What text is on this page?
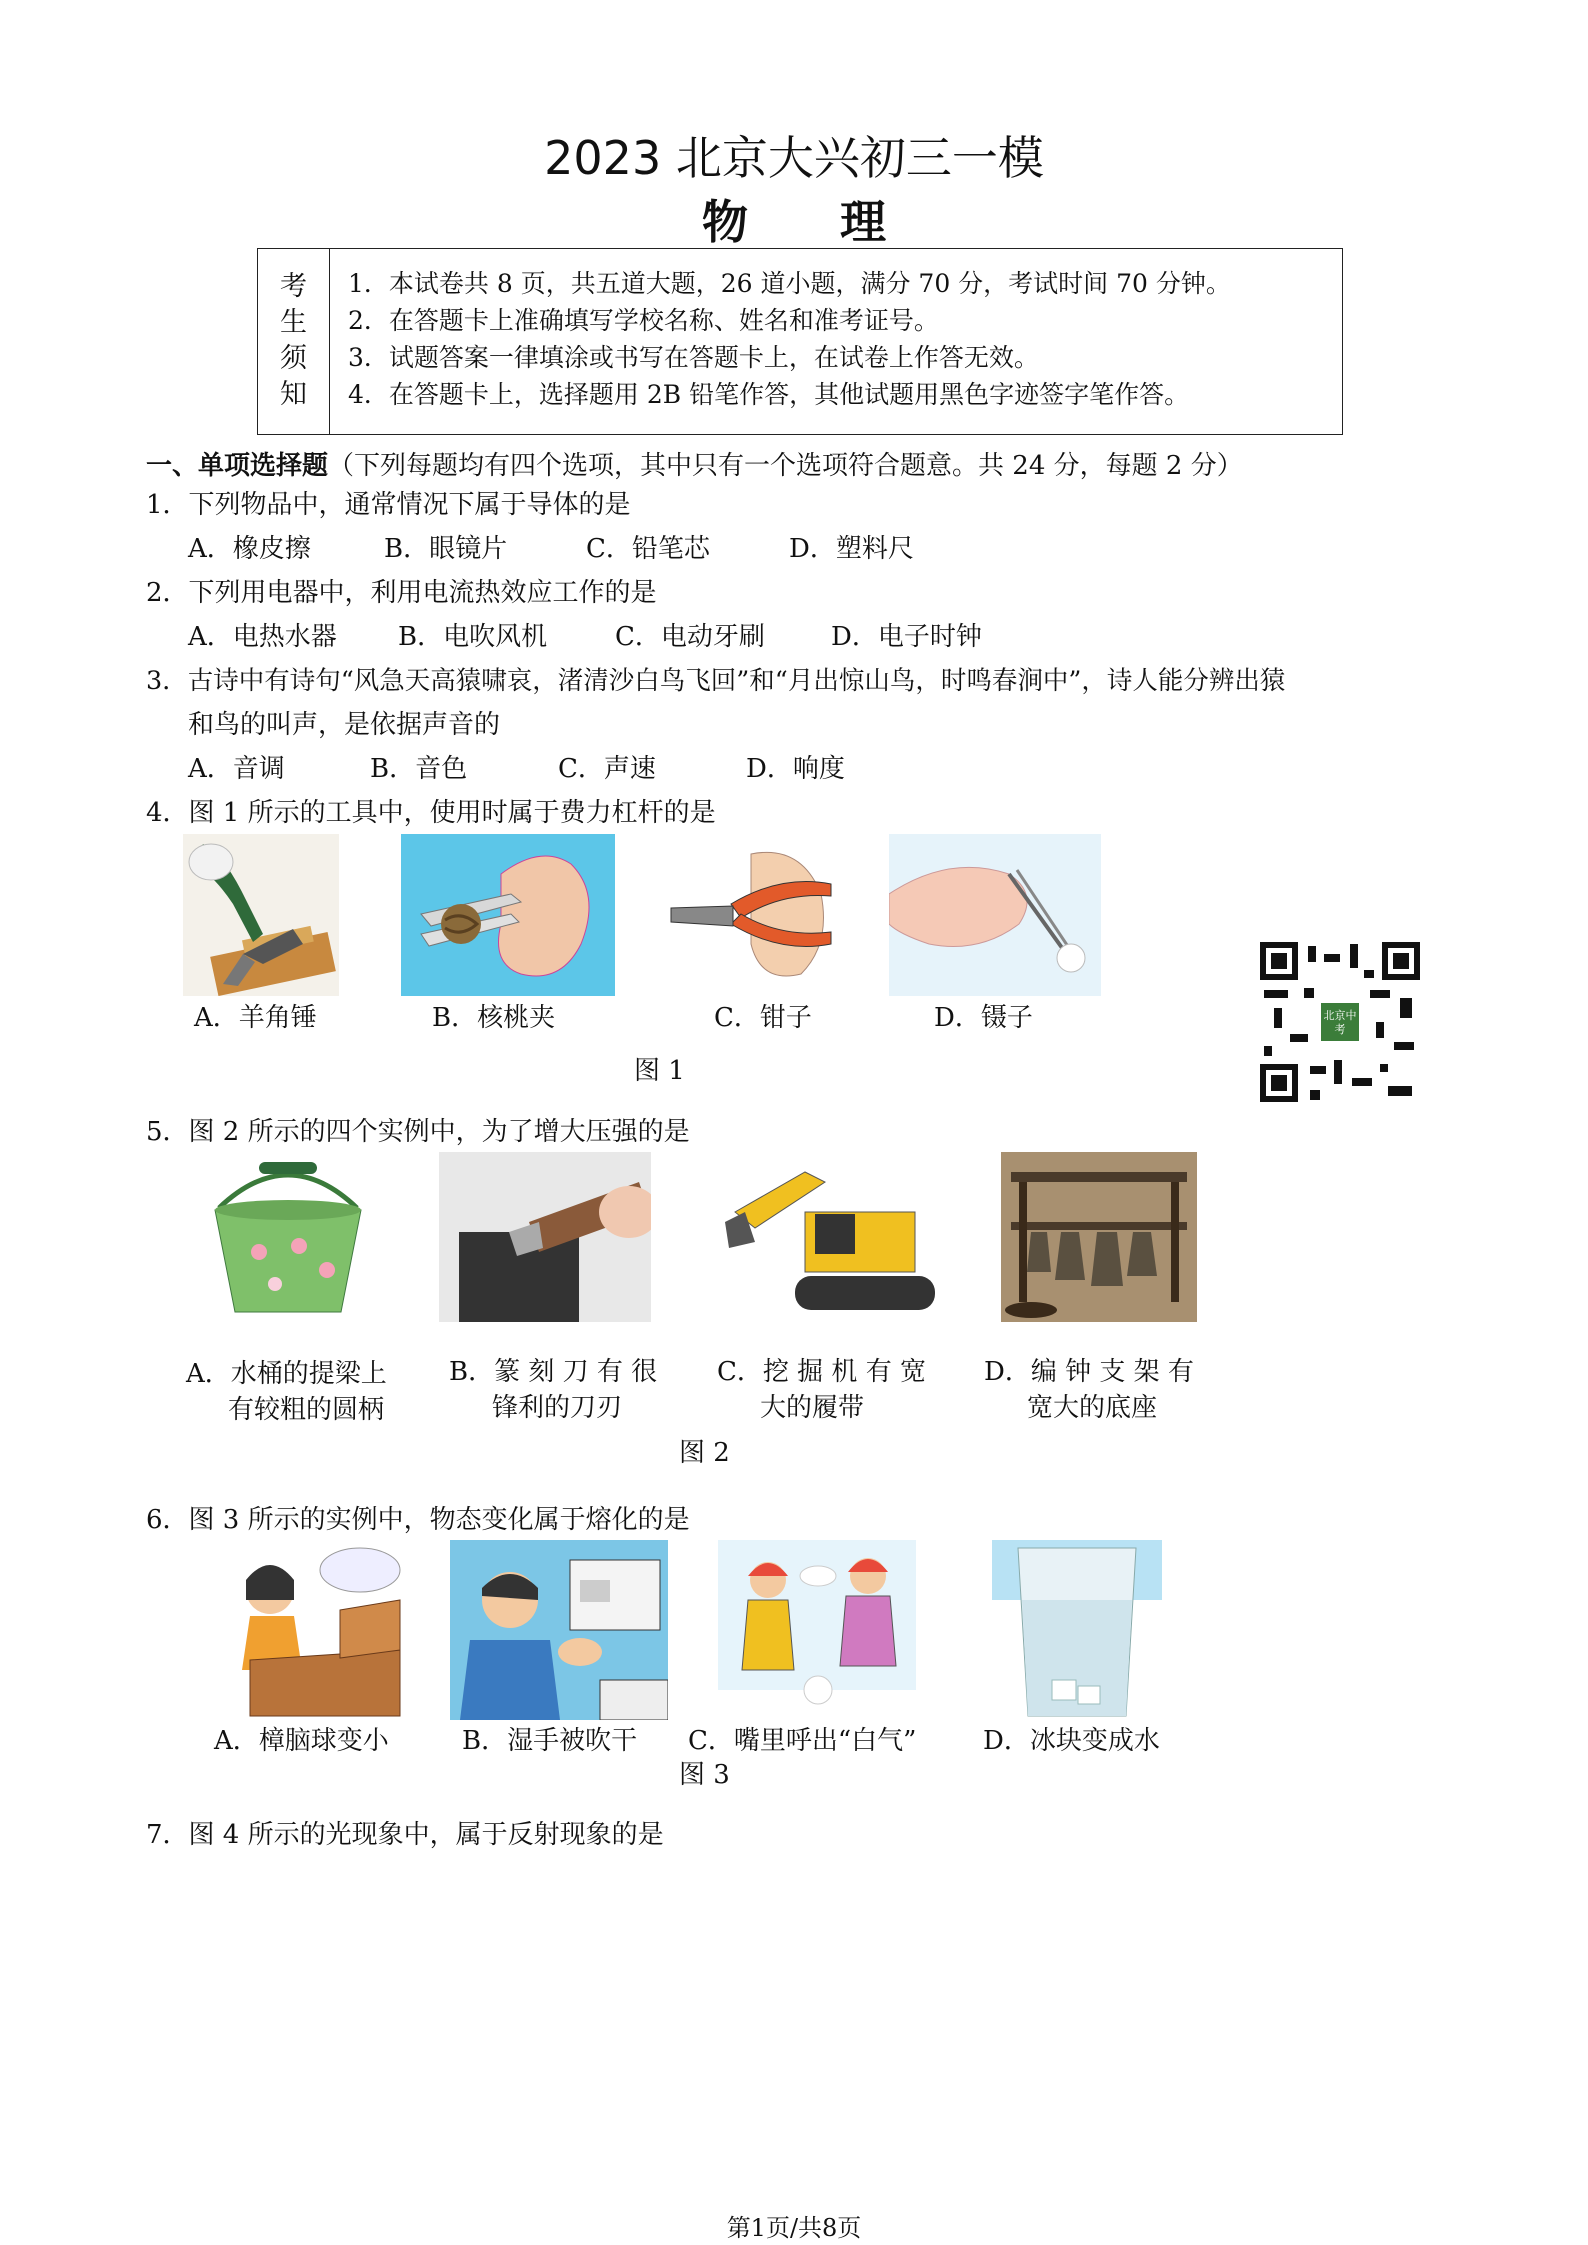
2023 北京大兴初三一模
物　　理
考
生
须
知
1．本试卷共 8 页，共五道大题，26 道小题，满分 70 分，考试时间 70 分钟。
2．在答题卡上准确填写学校名称、姓名和准考证号。
3．试题答案一律填涂或书写在答题卡上，在试卷上作答无效。
4．在答题卡上，选择题用 2B 铅笔作答，其他试题用黑色字迹签字笔作答。
一、单项选择题（下列每题均有四个选项，其中只有一个选项符合题意。共 24 分，每题 2 分）
1．下列物品中，通常情况下属于导体的是
A．橡皮擦	B．眼镜片	C．铅笔芯	D．塑料尺
2．下列用电器中，利用电流热效应工作的是
A．电热水器 B．电吹风机	C．电动牙刷	D．电子时钟
3．古诗中有诗句“风急天高猿啸哀，渚清沙白鸟飞回”和“月出惊山鸟，时鸣春涧中”，诗人能分辨出猿
和鸟的叫声，是依据声音的
A．音调	B．音色	C．声速	D．响度
4．图 1 所示的工具中，使用时属于费力杠杆的是
A．羊角锤	B．核桃夹	C．钳子	D．镊子
图 1
北京中考
5．图 2 所示的四个实例中，为了增大压强的是
A．水桶的提梁上
有较粗的圆柄
B．篆 刻 刀 有 很
锋利的刀刃
C．挖 掘 机 有 宽
大的履带
D．编 钟 支 架 有
宽大的底座
图 2
6．图 3 所示的实例中，物态变化属于熔化的是
A．樟脑球变小	B．湿手被吹干 C．嘴里呼出“白气”	D．冰块变成水
图 3
7．图 4 所示的光现象中，属于反射现象的是
第1页/共8页
